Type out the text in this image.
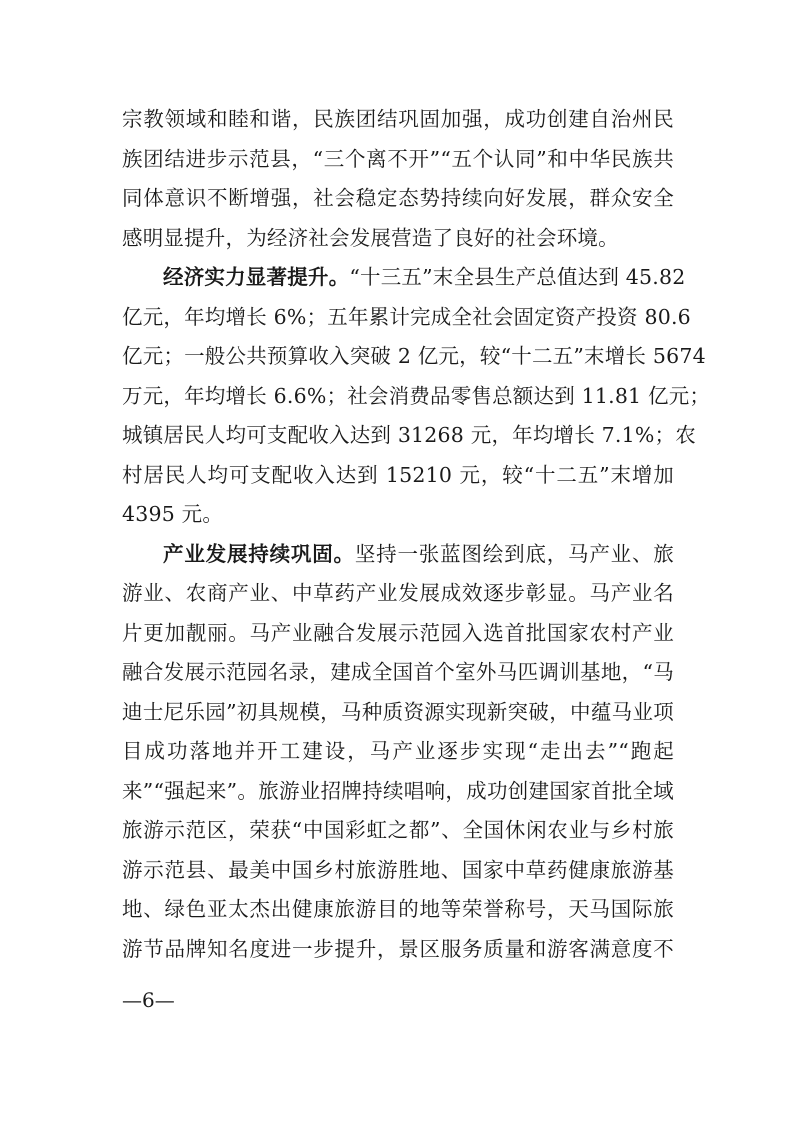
宗教领域和睦和谐，民族团结巩固加强，成功创建自治州民
族团结进步示范县，“三个离不开”“五个认同”和中华民族共
同体意识不断增强，社会稳定态势持续向好发展，群众安全
感明显提升，为经济社会发展营造了良好的社会环境。

经济实力显著提升。“十三五”末全县生产总值达到 45.82
亿元，年均增长 6%；五年累计完成全社会固定资产投资 80.6
亿元；一般公共预算收入突破 2 亿元，较“十二五”末增长 5674
万元，年均增长 6.6%；社会消费品零售总额达到 11.81 亿元；
城镇居民人均可支配收入达到 31268 元，年均增长 7.1%；农
村居民人均可支配收入达到 15210 元，较“十二五”末增加
4395 元。

产业发展持续巩固。坚持一张蓝图绘到底，马产业、旅
游业、农商产业、中草药产业发展成效逐步彰显。马产业名
片更加靓丽。马产业融合发展示范园入选首批国家农村产业
融合发展示范园名录，建成全国首个室外马匹调训基地，“马
迪士尼乐园”初具规模，马种质资源实现新突破，中蕴马业项
目成功落地并开工建设，马产业逐步实现“走出去”“跑起
来”“强起来”。旅游业招牌持续唱响，成功创建国家首批全域
旅游示范区，荣获“中国彩虹之都”、全国休闲农业与乡村旅
游示范县、最美中国乡村旅游胜地、国家中草药健康旅游基
地、绿色亚太杰出健康旅游目的地等荣誉称号，天马国际旅
游节品牌知名度进一步提升，景区服务质量和游客满意度不

—6—
